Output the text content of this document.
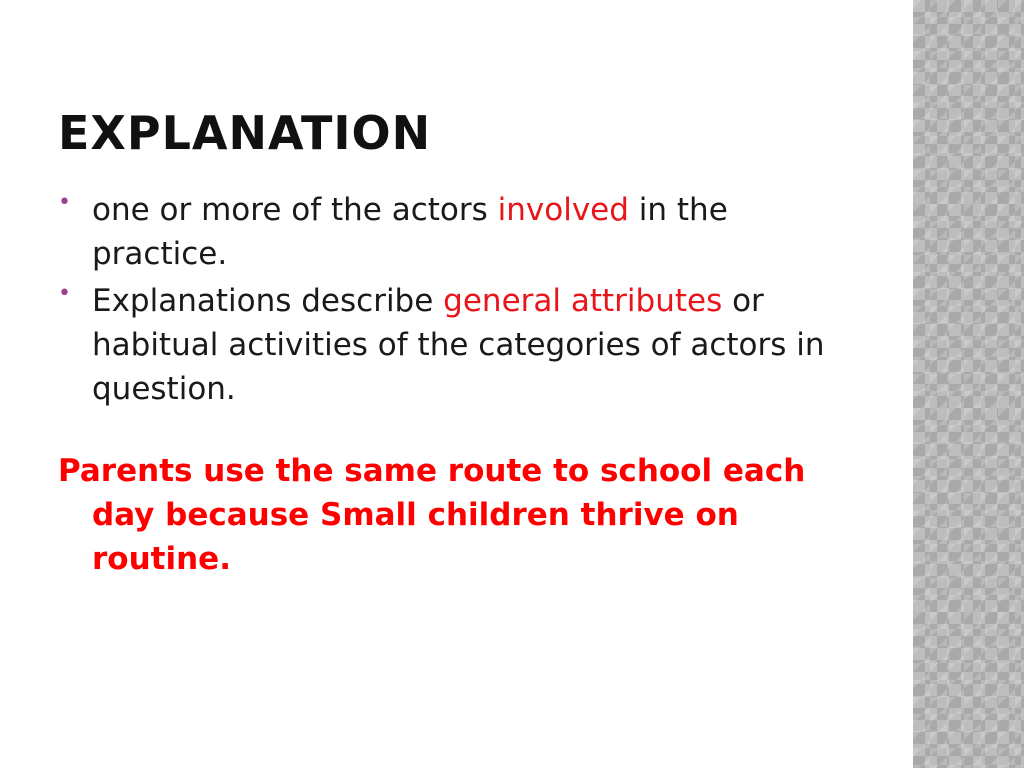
EXPLANATION

• one or more of the actors involved in the practice.

• Explanations describe general attributes or habitual activities of the categories of actors in question.

Parents use the same route to school each day because Small children thrive on routine.
